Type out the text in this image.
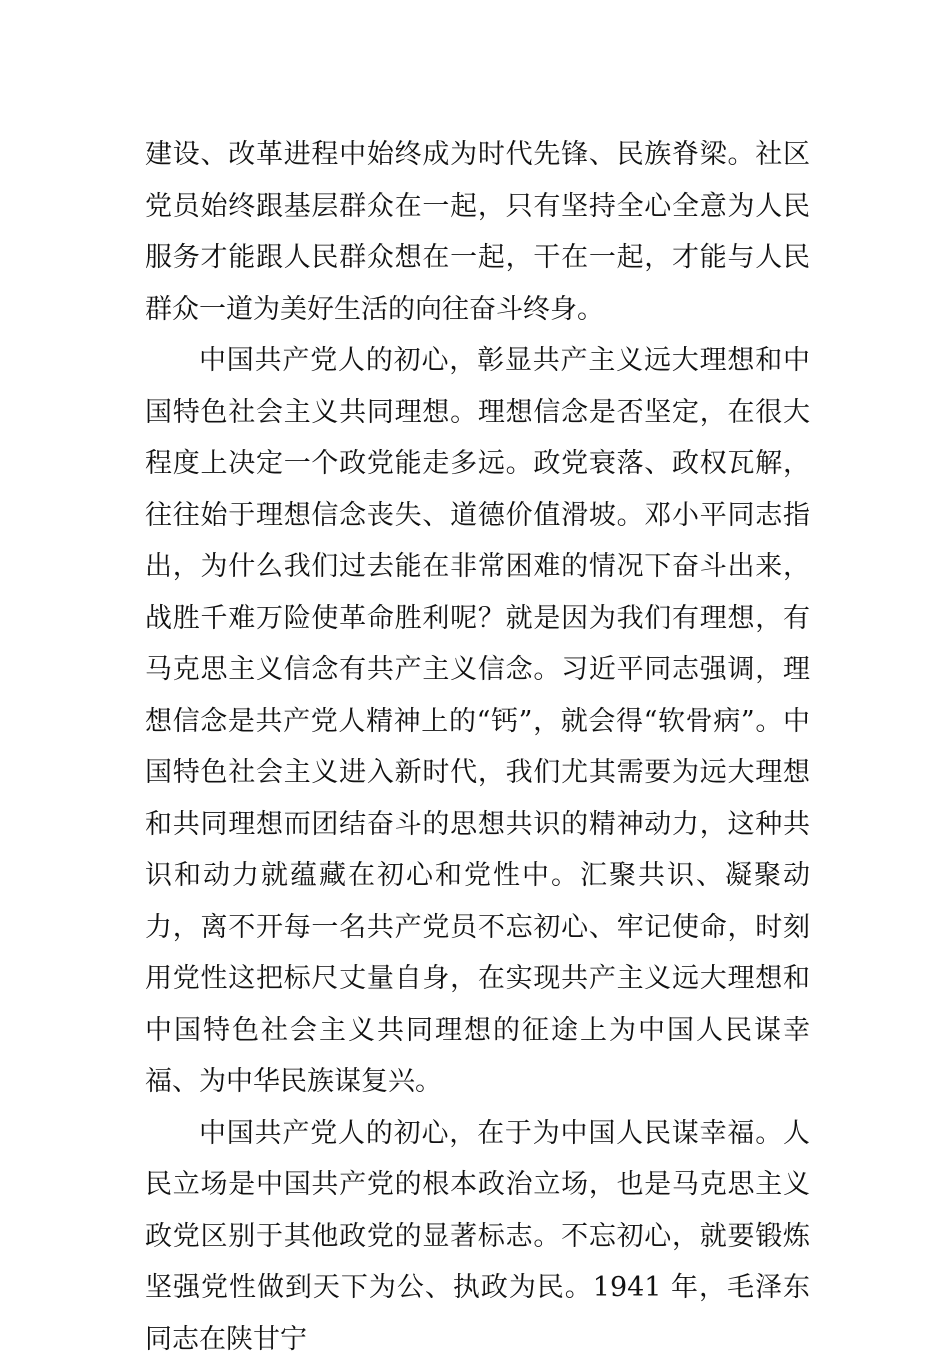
建设、改革进程中始终成为时代先锋、民族脊梁。社区党员始终跟基层群众在一起，只有坚持全心全意为人民服务才能跟人民群众想在一起，干在一起，才能与人民群众一道为美好生活的向往奋斗终身。

中国共产党人的初心，彰显共产主义远大理想和中国特色社会主义共同理想。理想信念是否坚定，在很大程度上决定一个政党能走多远。政党衰落、政权瓦解，往往始于理想信念丧失、道德价值滑坡。邓小平同志指出，为什么我们过去能在非常困难的情况下奋斗出来，战胜千难万险使革命胜利呢？就是因为我们有理想，有马克思主义信念有共产主义信念。习近平同志强调，理想信念是共产党人精神上的“钙”，就会得“软骨病”。中国特色社会主义进入新时代，我们尤其需要为远大理想和共同理想而团结奋斗的思想共识的精神动力，这种共识和动力就蕴藏在初心和党性中。汇聚共识、凝聚动力，离不开每一名共产党员不忘初心、牢记使命，时刻用党性这把标尺丈量自身，在实现共产主义远大理想和中国特色社会主义共同理想的征途上为中国人民谋幸福、为中华民族谋复兴。

中国共产党人的初心，在于为中国人民谋幸福。人民立场是中国共产党的根本政治立场，也是马克思主义政党区别于其他政党的显著标志。不忘初心，就要锻炼坚强党性做到天下为公、执政为民。1941 年，毛泽东同志在陕甘宁
